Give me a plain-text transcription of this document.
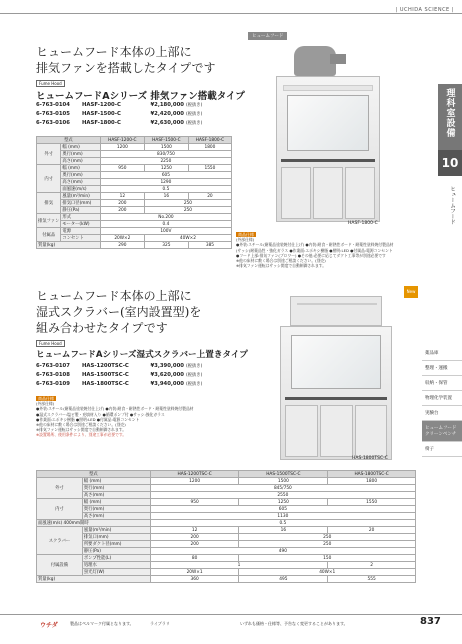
| UCHIDA SCIENCE |
ヒュームフード
ヒュームフード本体の上部に
排気ファンを搭載したタイプです
Fume Hood
ヒュームフードAシリーズ 排気ファン搭載タイプ
6-763-0104	HASF-1200-C	¥2,180,000 (税抜き)
6-763-0105	HASF-1500-C	¥2,420,000 (税抜き)
6-763-0106	HASF-1800-C	¥2,630,000 (税抜き)
型式		HASF-1200-C	HASF-1500-C	HASF-1800-C
外寸	幅 (mm)	1200	1500	1800
	奥行(mm)	830/750		
	高さ(mm)	2250		
内寸	幅 (mm)	950	1250	1550
	奥行(mm)	605		
	高さ(mm)	1290		
	面風速(m/s)	0.5		
排気	風量(m³/min)	12	16	20
	排気口径(mm)	200	250	
	静圧(Pa)	200	250	
排気ファン	形式	No.200		
	モーター(kW)	0.4		
付属品	電源	100V		
	コンセント	20W×2	40W×2	
質量(kg)		290	325	385
HASF-1800-C
商品仕様
(外部仕様)
●外装:スチール(耐薬品塗装焼付仕上げ) ●内装:耐食・耐熱性ボード・耐薬性塗料焼付製品材
(サッシ)耐薬品性・強化ガラス ●作業面:エポキシ樹脂 ●照明:LED ●付属品:電源コンセント
●フード上部:排気ファン(ブロワー) ●その他:必要に応じてダクト工事等が別途必要です
※他の床材に敷く場合は別途ご相談ください。(別売)
※排気ファン運転はサッシ開度で自動制御されます。
理科室設備
10
ヒュームフード
New
ヒュームフード本体の上部に
湿式スクラバー(室内設置型)を
組み合わせたタイプです
Fume Hood
ヒュームフードAシリーズ湿式スクラバー上置きタイプ
6-763-0107	HAS-1200TSC-C	¥3,390,000 (税抜き)
6-763-0108	HAS-1500TSC-C	¥3,620,000 (税抜き)
6-763-0109	HAS-1800TSC-C	¥3,940,000 (税抜き)
商品仕様
(外部仕様)
●外装:スチール(耐薬品塗装焼付仕上げ) ●内装:耐食・耐熱性ボード・耐薬性塗料焼付製品材
●湿式スクラバー:塩ビ製・充填材入り ●循環ポンプ付 ●サッシ:強化ガラス
●作業面:エポキシ樹脂 ●照明:LED ●付属品:電源コンセント
※他の床材に敷く場合は別途ご相談ください。(別売)
※排気ファン運転はサッシ開度で自動制御されます。
※設置場所、使用条件により、別途工事が必要です。
HAS-1800TSC-C
薬品庫
整理・運搬
収納・保管
物理化学装置
実験台
ヒュームフード クリーンベンチ
椅子
型式		HAS-1200TSC-C	HAS-1500TSC-C	HAS-1800TSC-C
外寸	幅 (mm)	1200	1500	1800
	奥行(mm)	845/750		
	高さ(mm)	2550		
内寸	幅 (mm)	950	1250	1550
	奥行(mm)	605		
	高さ(mm)	1130		
面風速(m/s) 400mm開時		0.5		
スクラバー	風量(m³/min)	12	16	20
	排気口(mm)	200	250	
	所要ダクト径(mm)	200	250	
	静圧(Pa)	490		
付属設備	ポンプ性能(L)	80	150	
	処理水	1		2
	蛍光灯(W)	20W×1	40W×1	
質量(kg)		360	495	555
ウチダ	製品はペルマーク付属となります。	ライブラリ	いずれも価格・仕様等、予告なく変更することがあります。	837
